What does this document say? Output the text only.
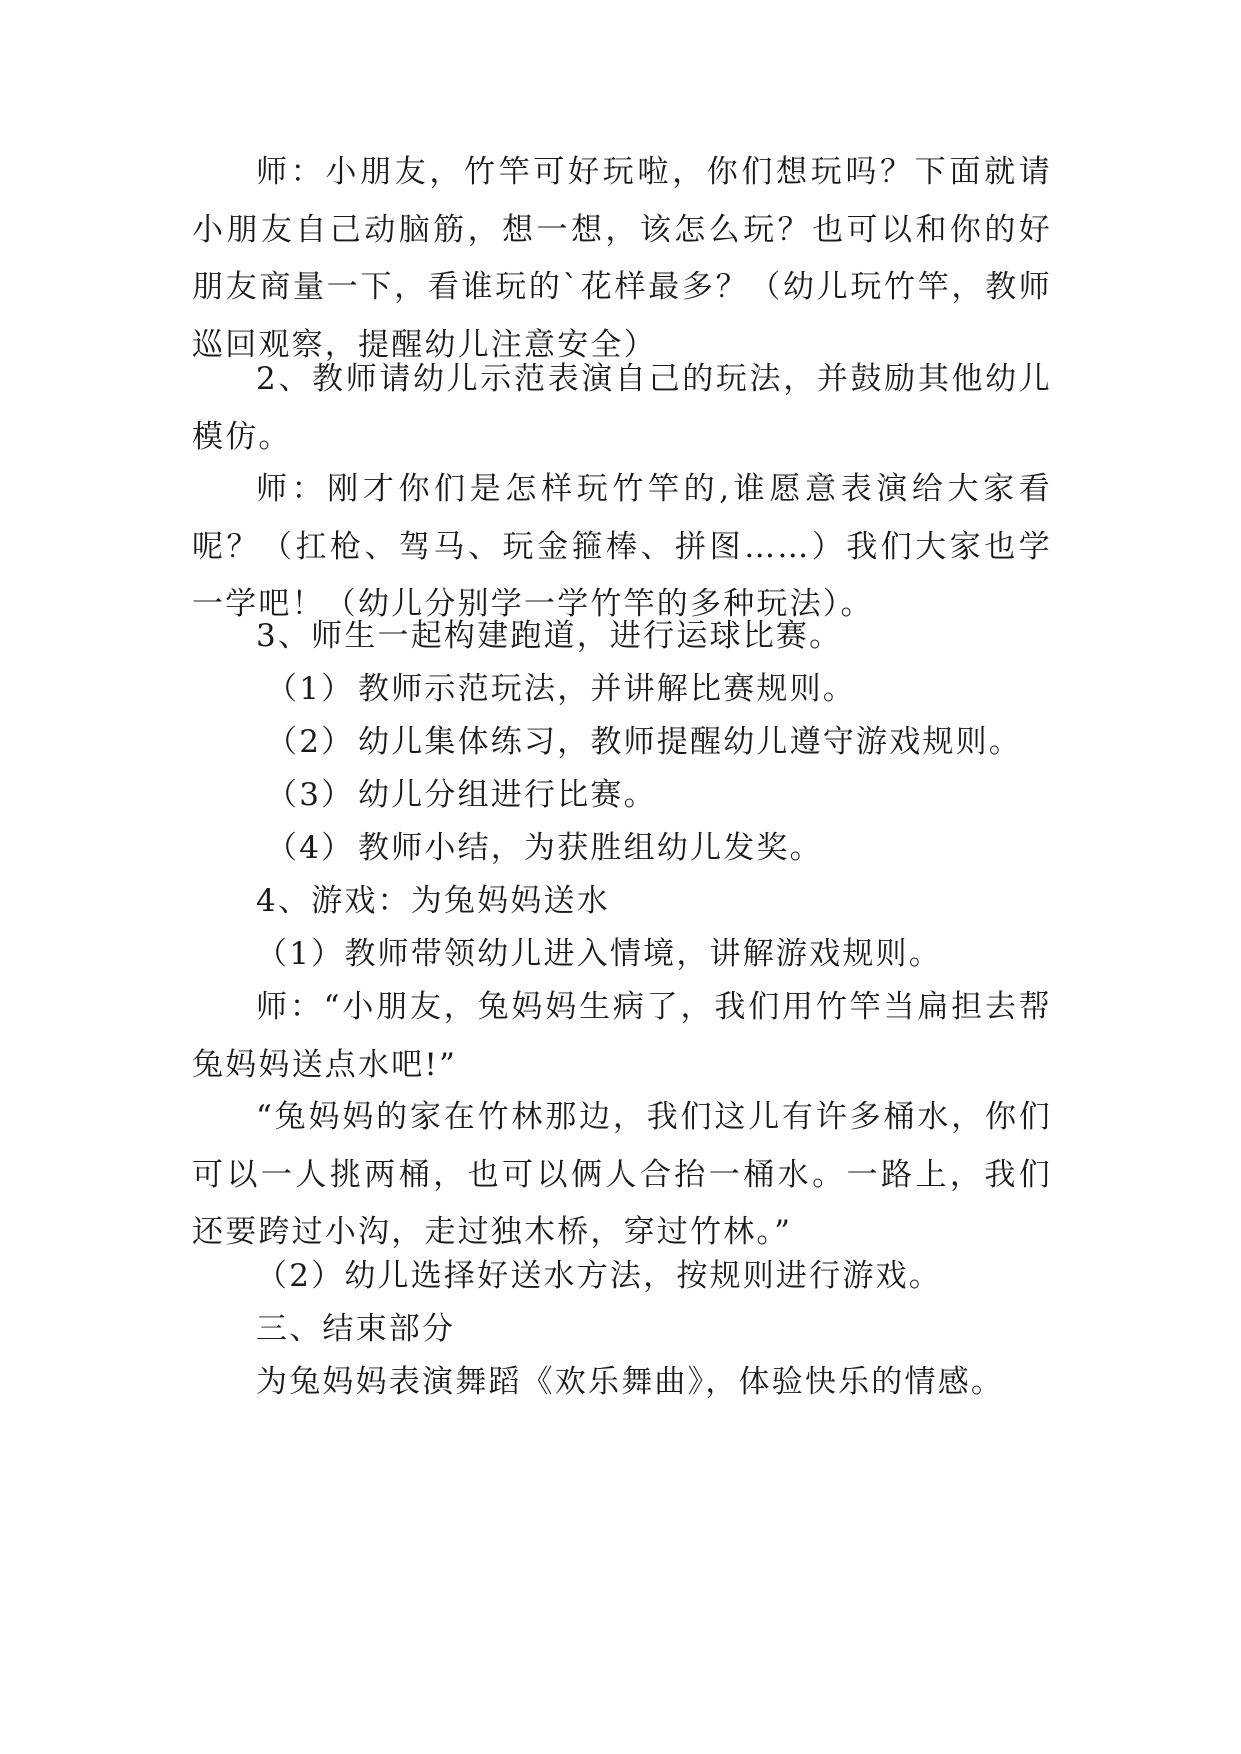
师：小朋友，竹竿可好玩啦，你们想玩吗？下面就请小朋友自己动脑筋，想一想，该怎么玩？也可以和你的好朋友商量一下，看谁玩的`花样最多？（幼儿玩竹竿，教师巡回观察，提醒幼儿注意安全）

2、教师请幼儿示范表演自己的玩法，并鼓励其他幼儿模仿。

师：刚才你们是怎样玩竹竿的,谁愿意表演给大家看呢？（扛枪、驾马、玩金箍棒、拼图……）我们大家也学一学吧！（幼儿分别学一学竹竿的多种玩法）。

3、师生一起构建跑道，进行运球比赛。

（1） 教师示范玩法，并讲解比赛规则。
（2） 幼儿集体练习，教师提醒幼儿遵守游戏规则。
（3） 幼儿分组进行比赛。
（4） 教师小结，为获胜组幼儿发奖。

4、游戏：为兔妈妈送水

（1）教师带领幼儿进入情境，讲解游戏规则。

师：“小朋友，兔妈妈生病了，我们用竹竿当扁担去帮兔妈妈送点水吧!”

“兔妈妈的家在竹林那边，我们这儿有许多桶水，你们可以一人挑两桶，也可以俩人合抬一桶水。一路上，我们还要跨过小沟，走过独木桥，穿过竹林。”

（2）幼儿选择好送水方法，按规则进行游戏。

三、结束部分

为兔妈妈表演舞蹈《欢乐舞曲》，体验快乐的情感。
